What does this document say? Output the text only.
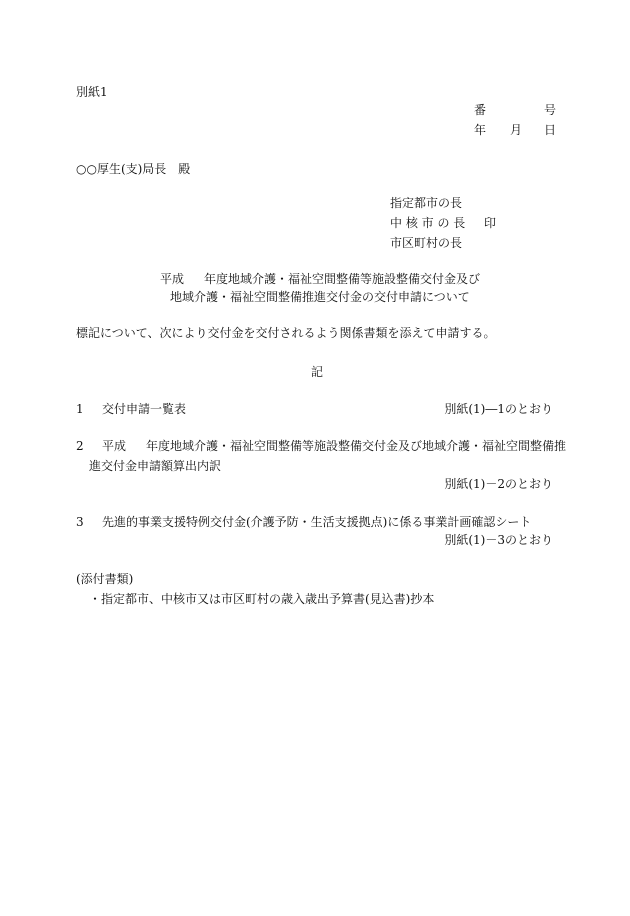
別紙1
番	号
年 月 日
○○厚生(支)局長　殿
指定都市の長
中 核 市 の 長 印
市区町村の長
平成 年度地域介護・福祉空間整備等施設整備交付金及び
地域介護・福祉空間整備推進交付金の交付申請について
標記について、次により交付金を交付されるよう関係書類を添えて申請する。
記
1 交付申請一覧表	別紙(1)―1のとおり
2 平成 年度地域介護・福祉空間整備等施設整備交付金及び地域介護・福祉空間整備推
進交付金申請額算出内訳
別紙(1)－2のとおり
3 先進的事業支援特例交付金(介護予防・生活支援拠点)に係る事業計画確認シート
別紙(1)－3のとおり
(添付書類)
・指定都市、中核市又は市区町村の歳入歳出予算書(見込書)抄本
